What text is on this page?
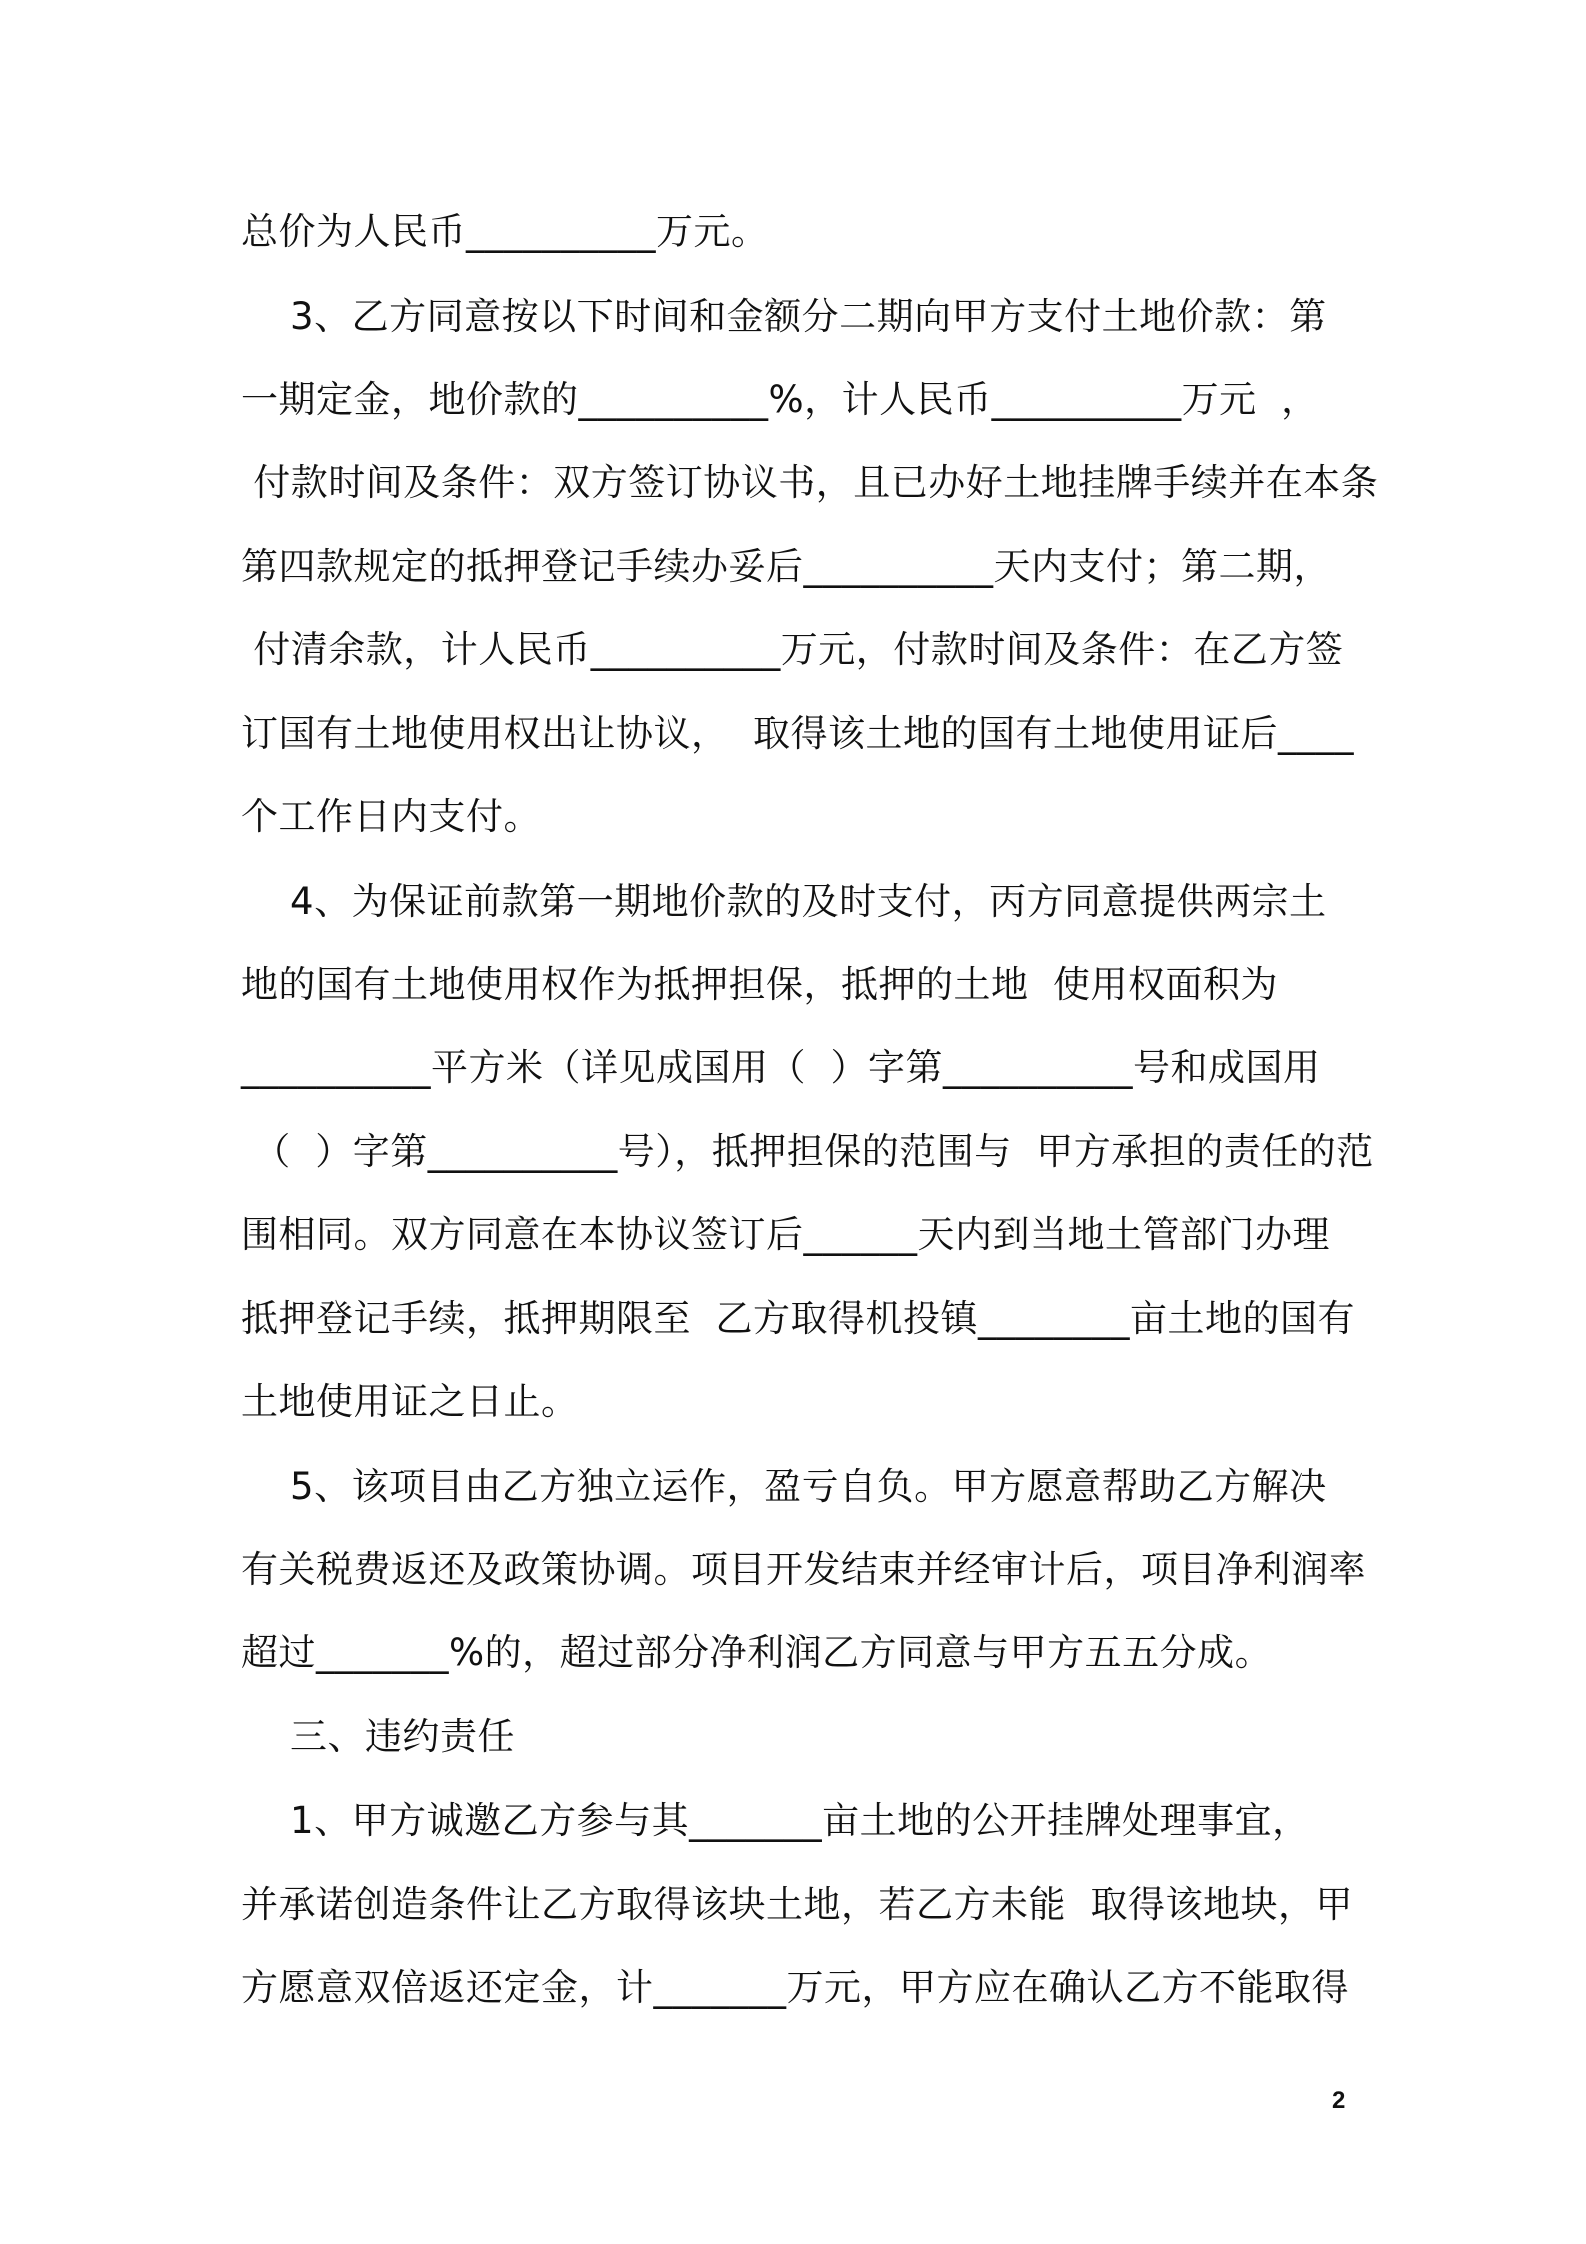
总价为人民币__________万元。
3、乙方同意按以下时间和金额分二期向甲方支付土地价款：第
一期定金，地价款的__________%，计人民币__________万元  ，
付款时间及条件：双方签订协议书，且已办好土地挂牌手续并在本条
第四款规定的抵押登记手续办妥后__________天内支付；第二期，
付清余款，计人民币__________万元，付款时间及条件：在乙方签
订国有土地使用权出让协议，  取得该土地的国有土地使用证后____
个工作日内支付。
4、为保证前款第一期地价款的及时支付，丙方同意提供两宗土
地的国有土地使用权作为抵押担保，抵押的土地  使用权面积为
__________平方米（详见成国用（  ）字第__________号和成国用
（  ）字第__________号），抵押担保的范围与  甲方承担的责任的范
围相同。双方同意在本协议签订后______天内到当地土管部门办理
抵押登记手续，抵押期限至  乙方取得机投镇________亩土地的国有
土地使用证之日止。
5、该项目由乙方独立运作，盈亏自负。甲方愿意帮助乙方解决
有关税费返还及政策协调。项目开发结束并经审计后，项目净利润率
超过_______%的，超过部分净利润乙方同意与甲方五五分成。
三、违约责任
1、甲方诚邀乙方参与其_______亩土地的公开挂牌处理事宜，
并承诺创造条件让乙方取得该块土地，若乙方未能  取得该地块，甲
方愿意双倍返还定金，计_______万元，甲方应在确认乙方不能取得
2
